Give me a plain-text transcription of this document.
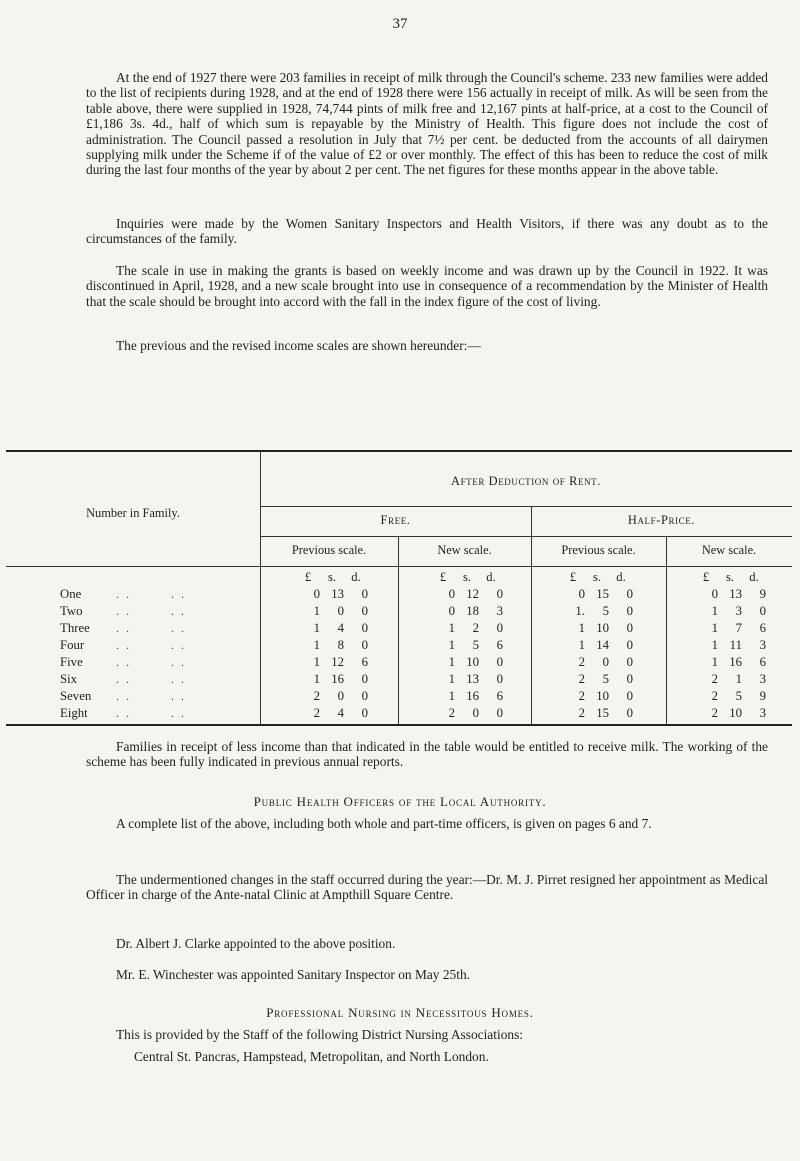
37
At the end of 1927 there were 203 families in receipt of milk through the Council's scheme. 233 new families were added to the list of recipients during 1928, and at the end of 1928 there were 156 actually in receipt of milk. As will be seen from the table above, there were supplied in 1928, 74,744 pints of milk free and 12,167 pints at half-price, at a cost to the Council of £1,186 3s. 4d., half of which sum is repayable by the Ministry of Health. This figure does not include the cost of administration. The Council passed a resolution in July that 7½ per cent. be deducted from the accounts of all dairymen supplying milk under the Scheme if of the value of £2 or over monthly. The effect of this has been to reduce the cost of milk during the last four months of the year by about 2 per cent. The net figures for these months appear in the above table.
Inquiries were made by the Women Sanitary Inspectors and Health Visitors, if there was any doubt as to the circumstances of the family.
The scale in use in making the grants is based on weekly income and was drawn up by the Council in 1922. It was discontinued in April, 1928, and a new scale brought into use in consequence of a recommendation by the Minister of Health that the scale should be brought into accord with the fall in the index figure of the cost of living.
The previous and the revised income scales are shown hereunder:—
Number in Family.
After Deduction of Rent.
Free.	Half-Price.
Previous scale.	New scale.	Previous scale.	New scale.
£	s.	d.	£	s.	d.	£	s.	d.	£	s.	d.
One	. .	. .	0 13	0	0 12	0	0 15	0	0 13	9
Two	. .	. .	1	0	0	0 18	3	1.	5	0	1	3	0
Three . .	. .	1	4	0	1	2	0	1 10	0	1	7	6
Four	. .	. .	1	8	0	1	5	6	1 14	0	1 11	3
Five	. .	. .	1 12	6	1 10	0	2	0	0	1 16	6
Six	. .	. .	1 16	0	1 13	0	2	5	0	2	1	3
Seven . .	. .	2	0	0	1 16	6	2 10	0	2	5	9
Eight . .	. .	2	4	0	2	0	0	2 15	0	2 10	3
Families in receipt of less income than that indicated in the table would be entitled to receive milk. The working of the scheme has been fully indicated in previous annual reports.
Public Health Officers of the Local Authority.
A complete list of the above, including both whole and part-time officers, is given on pages 6 and 7.
The undermentioned changes in the staff occurred during the year:—Dr. M. J. Pirret resigned her appointment as Medical Officer in charge of the Ante-natal Clinic at Ampthill Square Centre.
Dr. Albert J. Clarke appointed to the above position.
Mr. E. Winchester was appointed Sanitary Inspector on May 25th.
Professional Nursing in Necessitous Homes.
This is provided by the Staff of the following District Nursing Associations:
Central St. Pancras, Hampstead, Metropolitan, and North London.
